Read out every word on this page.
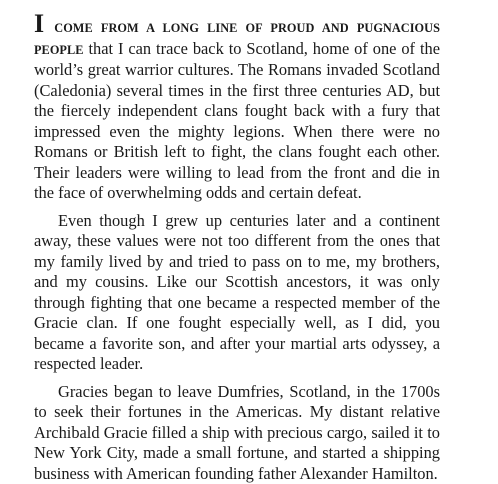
I COME FROM A LONG LINE OF PROUD AND PUGNACIOUS PEOPLE that I can trace back to Scotland, home of one of the world’s great warrior cultures. The Romans invaded Scotland (Caledonia) several times in the first three centuries AD, but the fiercely independent clans fought back with a fury that impressed even the mighty legions. When there were no Romans or British left to fight, the clans fought each other. Their leaders were willing to lead from the front and die in the face of overwhelming odds and certain defeat.

Even though I grew up centuries later and a continent away, these values were not too different from the ones that my family lived by and tried to pass on to me, my brothers, and my cousins. Like our Scottish ancestors, it was only through fighting that one became a respected member of the Gracie clan. If one fought especially well, as I did, you became a favorite son, and after your martial arts odyssey, a respected leader.

Gracies began to leave Dumfries, Scotland, in the 1700s to seek their fortunes in the Americas. My distant relative Archibald Gracie filled a ship with precious cargo, sailed it to New York City, made a small fortune, and started a shipping business with American founding father Alexander Hamilton.
